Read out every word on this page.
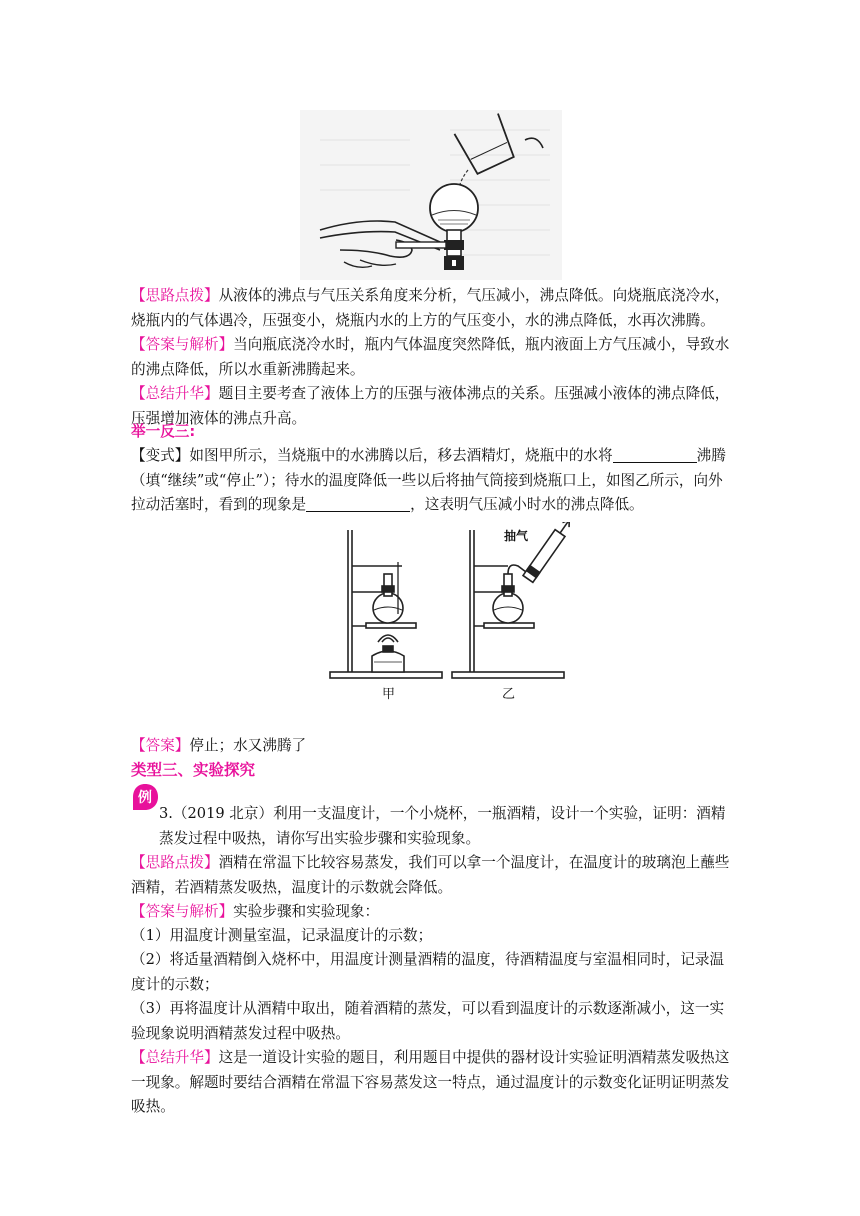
【思路点拨】从液体的沸点与气压关系角度来分析，气压减小，沸点降低。向烧瓶底浇冷水，烧瓶内的气体遇冷，压强变小，烧瓶内水的上方的气压变小，水的沸点降低，水再次沸腾。
【答案与解析】当向瓶底浇冷水时，瓶内气体温度突然降低，瓶内液面上方气压减小，导致水的沸点降低，所以水重新沸腾起来。
【总结升华】题目主要考查了液体上方的压强与液体沸点的关系。压强减小液体的沸点降低，压强增加液体的沸点升高。
举一反三:
【变式】如图甲所示，当烧瓶中的水沸腾以后，移去酒精灯，烧瓶中的水将	沸腾（填“继续”或“停止”）；待水的温度降低一些以后将抽气筒接到烧瓶口上，如图乙所示，向外拉动活塞时，看到的现象是	，这表明气压减小时水的沸点降低。
甲	乙
抽气
【答案】停止；水又沸腾了
类型三、实验探究
例
3.（2019 北京）利用一支温度计，一个小烧杯，一瓶酒精，设计一个实验，证明：酒精蒸发过程中吸热，请你写出实验步骤和实验现象。
【思路点拨】酒精在常温下比较容易蒸发，我们可以拿一个温度计，在温度计的玻璃泡上蘸些酒精，若酒精蒸发吸热，温度计的示数就会降低。
【答案与解析】实验步骤和实验现象：
（1）用温度计测量室温，记录温度计的示数；
（2）将适量酒精倒入烧杯中，用温度计测量酒精的温度，待酒精温度与室温相同时，记录温度计的示数；
（3）再将温度计从酒精中取出，随着酒精的蒸发，可以看到温度计的示数逐渐减小，这一实验现象说明酒精蒸发过程中吸热。
【总结升华】这是一道设计实验的题目，利用题目中提供的器材设计实验证明酒精蒸发吸热这一现象。解题时要结合酒精在常温下容易蒸发这一特点，通过温度计的示数变化证明证明蒸发吸热。
